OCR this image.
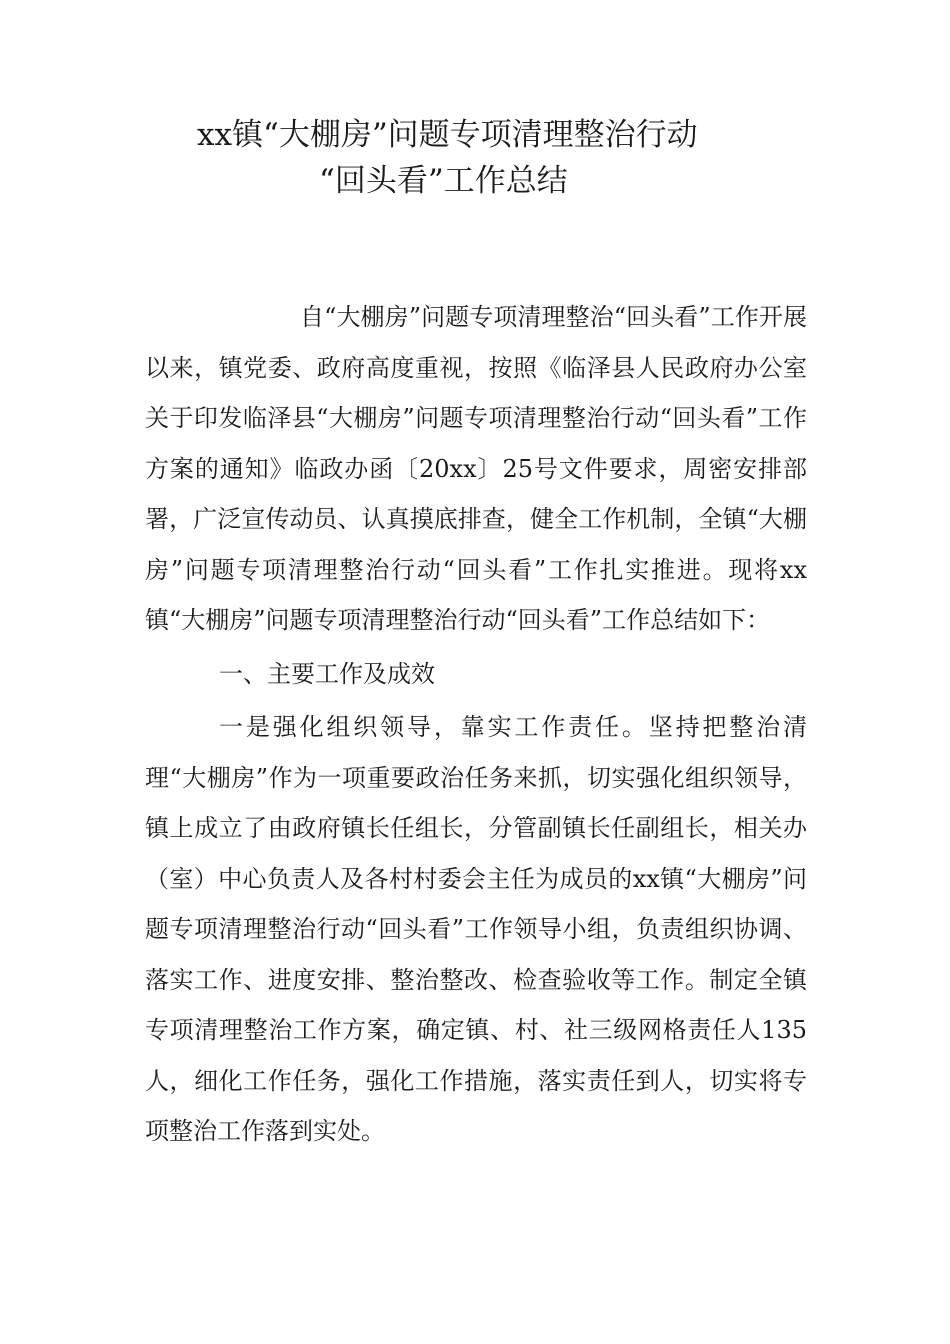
xx镇“大棚房”问题专项清理整治行动
“回头看”工作总结

自“大棚房”问题专项清理整治“回头看”工作开展以来，镇党委、政府高度重视，按照《临泽县人民政府办公室关于印发临泽县“大棚房”问题专项清理整治行动“回头看”工作方案的通知》临政办函〔20xx〕25号文件要求，周密安排部署，广泛宣传动员、认真摸底排查，健全工作机制，全镇“大棚房”问题专项清理整治行动“回头看”工作扎实推进。现将xx镇“大棚房”问题专项清理整治行动“回头看”工作总结如下：

一、主要工作及成效

一是强化组织领导，靠实工作责任。坚持把整治清理“大棚房”作为一项重要政治任务来抓，切实强化组织领导，镇上成立了由政府镇长任组长，分管副镇长任副组长，相关办（室）中心负责人及各村村委会主任为成员的xx镇“大棚房”问题专项清理整治行动“回头看”工作领导小组，负责组织协调、落实工作、进度安排、整治整改、检查验收等工作。制定全镇专项清理整治工作方案，确定镇、村、社三级网格责任人135人，细化工作任务，强化工作措施，落实责任到人，切实将专项整治工作落到实处。
